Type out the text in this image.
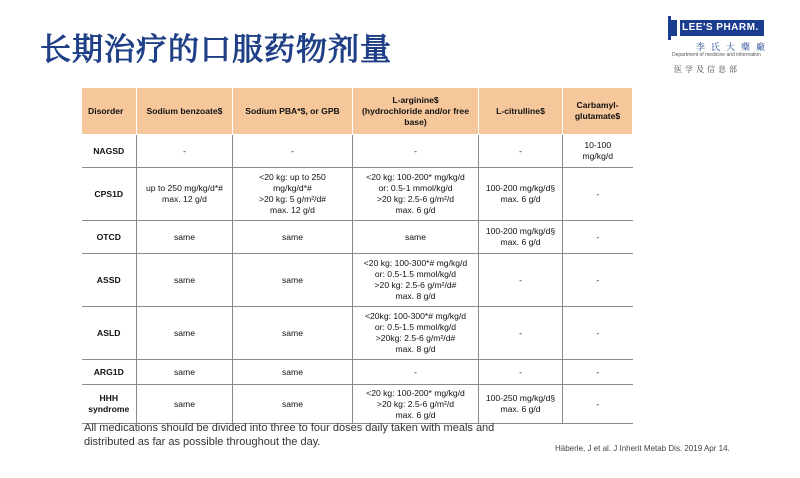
长期治疗的口服药物剂量
LEE'S PHARM.
李氏大藥廠
Department of medicine and information
医学及信息部
Disorder	Sodium benzoate$	Sodium PBA*$, or GPB	L-arginine$
(hydrochloride and/or free
base)	L-citrulline$	Carbamyl-
glutamate$

NAGSD	-	-	-	-	10-100
mg/kg/d

CPS1D	up to 250 mg/kg/d*#
max. 12 g/d	<20 kg: up to 250
mg/kg/d*#
>20 kg: 5 g/m²/d#
max. 12 g/d	<20 kg: 100-200* mg/kg/d
or: 0.5-1 mmol/kg/d
>20 kg: 2.5-6 g/m²/d
max. 6 g/d	100-200 mg/kg/d§
max. 6 g/d	-

OTCD	same	same	same	100-200 mg/kg/d§
max. 6 g/d	-

ASSD	same	same	<20 kg: 100-300*# mg/kg/d
or: 0.5-1.5 mmol/kg/d
>20 kg: 2.5-6 g/m²/d#
max. 8 g/d	-	-

ASLD	same	same	<20kg: 100-300*# mg/kg/d
or: 0.5-1.5 mmol/kg/d
>20kg: 2.5-6 g/m²/d#
max. 8 g/d	-	-

ARG1D	same	same	-	-	-

HHH syndrome	same	same	<20 kg: 100-200* mg/kg/d
>20 kg: 2.5-6 g/m²/d
max. 6 g/d	100-250 mg/kg/d§
max. 6 g/d	-
All medications should be divided into three to four doses daily taken with meals and distributed as far as possible throughout the day.
Häberle, J et al. J Inherit Metab Dis. 2019 Apr 14.
